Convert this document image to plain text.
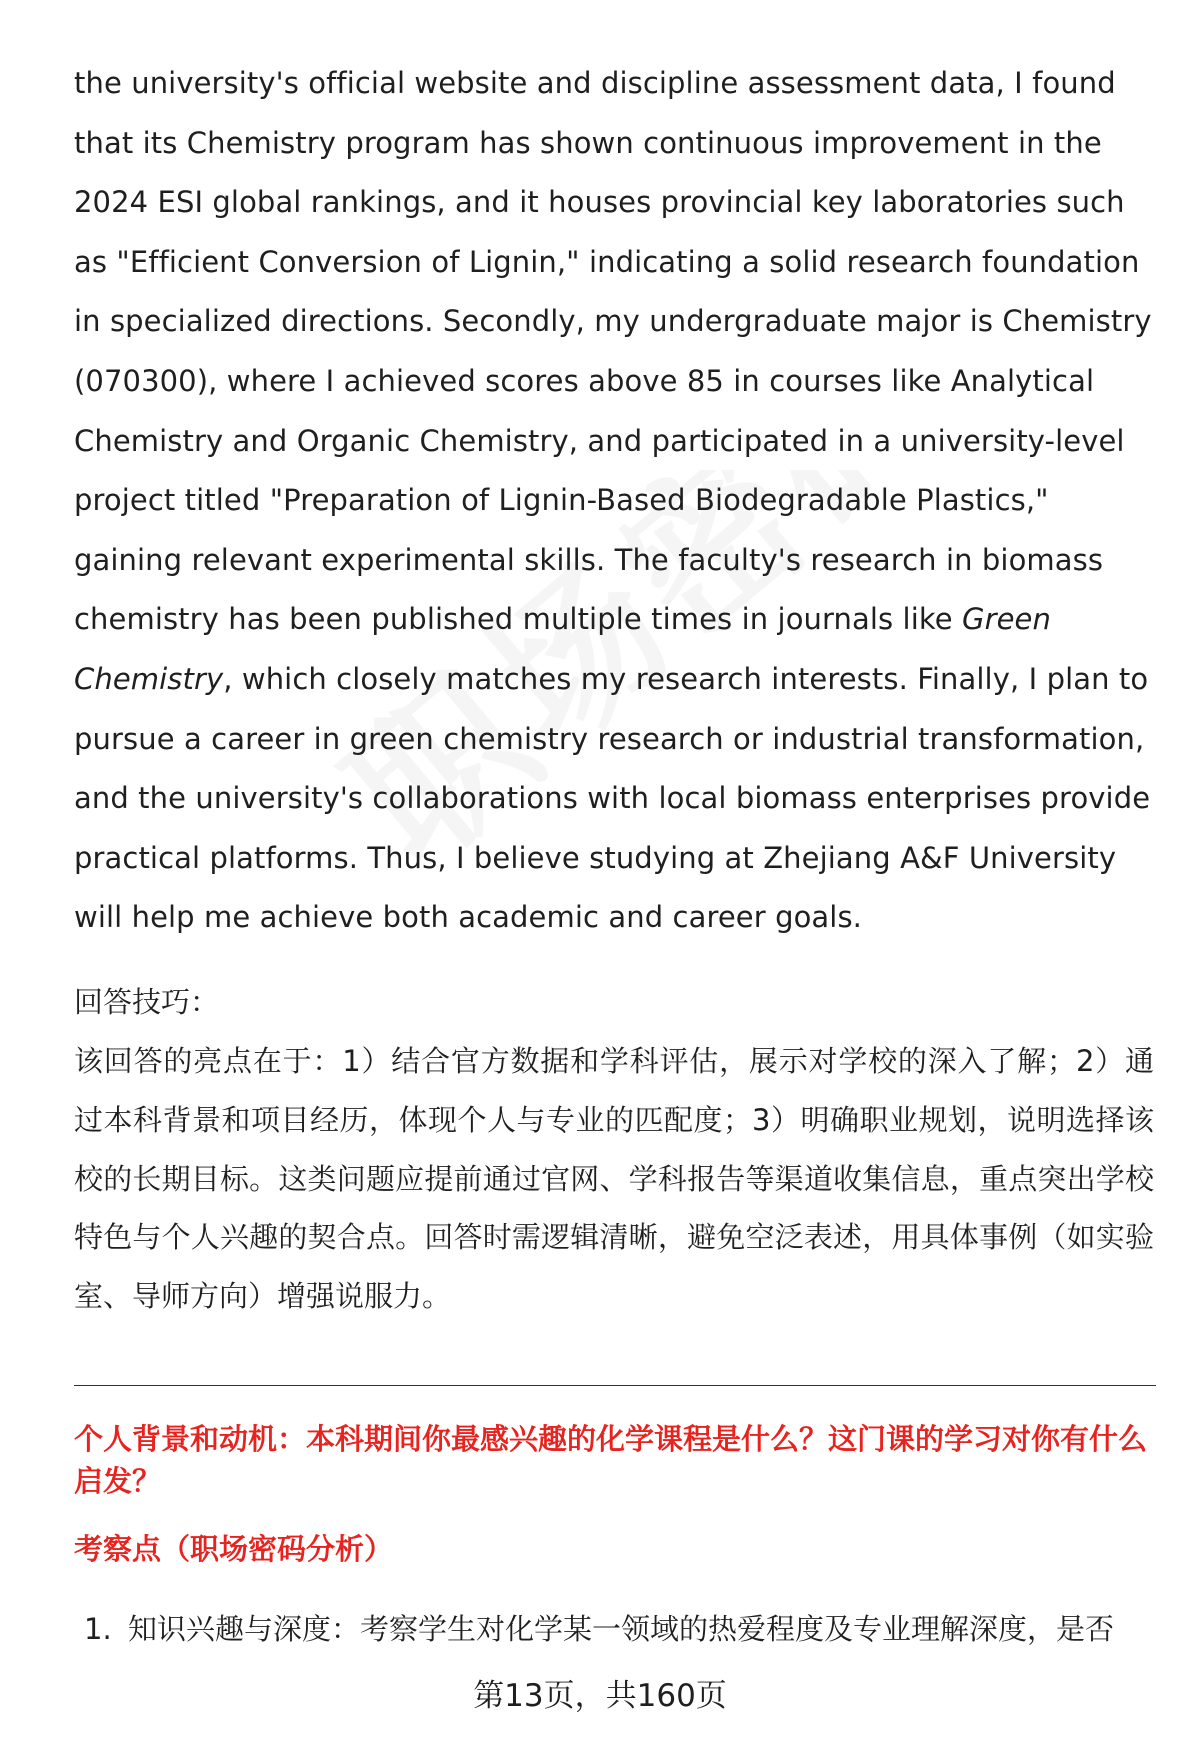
the university's official website and discipline assessment data, I found that its Chemistry program has shown continuous improvement in the 2024 ESI global rankings, and it houses provincial key laboratories such as "Efficient Conversion of Lignin," indicating a solid research foundation in specialized directions. Secondly, my undergraduate major is Chemistry (070300), where I achieved scores above 85 in courses like Analytical Chemistry and Organic Chemistry, and participated in a university-level project titled "Preparation of Lignin-Based Biodegradable Plastics," gaining relevant experimental skills. The faculty's research in biomass chemistry has been published multiple times in journals like Green Chemistry, which closely matches my research interests. Finally, I plan to pursue a career in green chemistry research or industrial transformation, and the university's collaborations with local biomass enterprises provide practical platforms. Thus, I believe studying at Zhejiang A&F University will help me achieve both academic and career goals.

回答技巧：

该回答的亮点在于：1）结合官方数据和学科评估，展示对学校的深入了解；2）通过本科背景和项目经历，体现个人与专业的匹配度；3）明确职业规划，说明选择该校的长期目标。这类问题应提前通过官网、学科报告等渠道收集信息，重点突出学校特色与个人兴趣的契合点。回答时需逻辑清晰，避免空泛表述，用具体事例（如实验室、导师方向）增强说服力。

个人背景和动机：本科期间你最感兴趣的化学课程是什么？这门课的学习对你有什么启发？

考察点（职场密码分析）

1. 知识兴趣与深度：考察学生对化学某一领域的热爱程度及专业理解深度，是否

第13页，共160页
